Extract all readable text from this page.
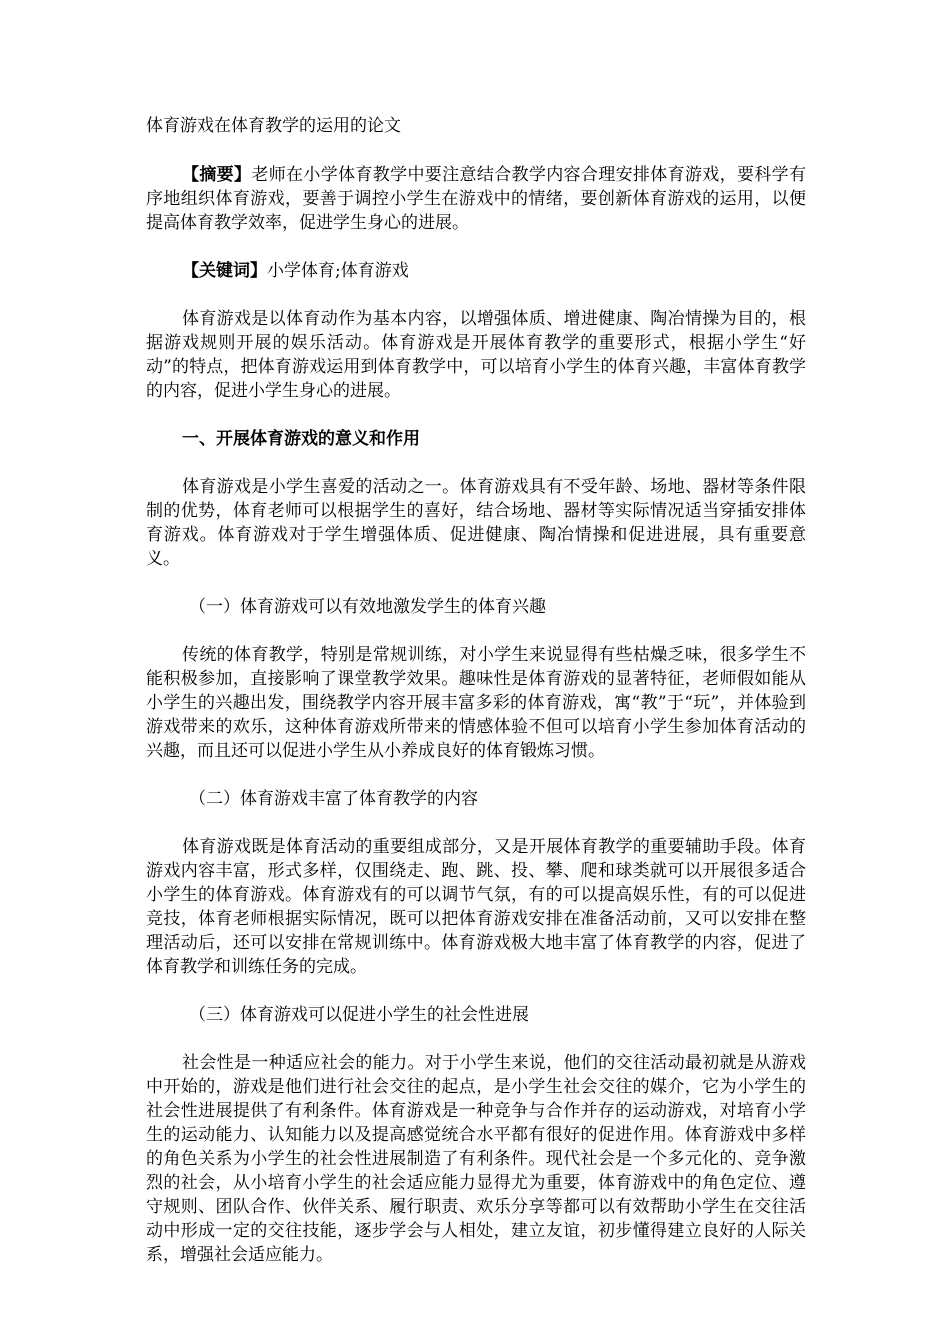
体育游戏在体育教学的运用的论文

【摘要】老师在小学体育教学中要注意结合教学内容合理安排体育游戏，要科学有序地组织体育游戏，要善于调控小学生在游戏中的情绪，要创新体育游戏的运用，以便提高体育教学效率，促进学生身心的进展。

【关键词】小学体育;体育游戏

体育游戏是以体育动作为基本内容，以增强体质、增进健康、陶冶情操为目的，根据游戏规则开展的娱乐活动。体育游戏是开展体育教学的重要形式，根据小学生“好动”的特点，把体育游戏运用到体育教学中，可以培育小学生的体育兴趣，丰富体育教学的内容，促进小学生身心的进展。

一、开展体育游戏的意义和作用

体育游戏是小学生喜爱的活动之一。体育游戏具有不受年龄、场地、器材等条件限制的优势，体育老师可以根据学生的喜好，结合场地、器材等实际情况适当穿插安排体育游戏。体育游戏对于学生增强体质、促进健康、陶冶情操和促进进展，具有重要意义。

（一）体育游戏可以有效地激发学生的体育兴趣

传统的体育教学，特别是常规训练，对小学生来说显得有些枯燥乏味，很多学生不能积极参加，直接影响了课堂教学效果。趣味性是体育游戏的显著特征，老师假如能从小学生的兴趣出发，围绕教学内容开展丰富多彩的体育游戏，寓“教”于“玩”，并体验到游戏带来的欢乐，这种体育游戏所带来的情感体验不但可以培育小学生参加体育活动的兴趣，而且还可以促进小学生从小养成良好的体育锻炼习惯。

（二）体育游戏丰富了体育教学的内容

体育游戏既是体育活动的重要组成部分，又是开展体育教学的重要辅助手段。体育游戏内容丰富，形式多样，仅围绕走、跑、跳、投、攀、爬和球类就可以开展很多适合小学生的体育游戏。体育游戏有的可以调节气氛，有的可以提高娱乐性，有的可以促进竞技，体育老师根据实际情况，既可以把体育游戏安排在准备活动前，又可以安排在整理活动后，还可以安排在常规训练中。体育游戏极大地丰富了体育教学的内容，促进了体育教学和训练任务的完成。

（三）体育游戏可以促进小学生的社会性进展

社会性是一种适应社会的能力。对于小学生来说，他们的交往活动最初就是从游戏中开始的，游戏是他们进行社会交往的起点，是小学生社会交往的媒介，它为小学生的社会性进展提供了有利条件。体育游戏是一种竞争与合作并存的运动游戏，对培育小学生的运动能力、认知能力以及提高感觉统合水平都有很好的促进作用。体育游戏中多样的角色关系为小学生的社会性进展制造了有利条件。现代社会是一个多元化的、竞争激烈的社会，从小培育小学生的社会适应能力显得尤为重要，体育游戏中的角色定位、遵守规则、团队合作、伙伴关系、履行职责、欢乐分享等都可以有效帮助小学生在交往活动中形成一定的交往技能，逐步学会与人相处，建立友谊，初步懂得建立良好的人际关系，增强社会适应能力。
